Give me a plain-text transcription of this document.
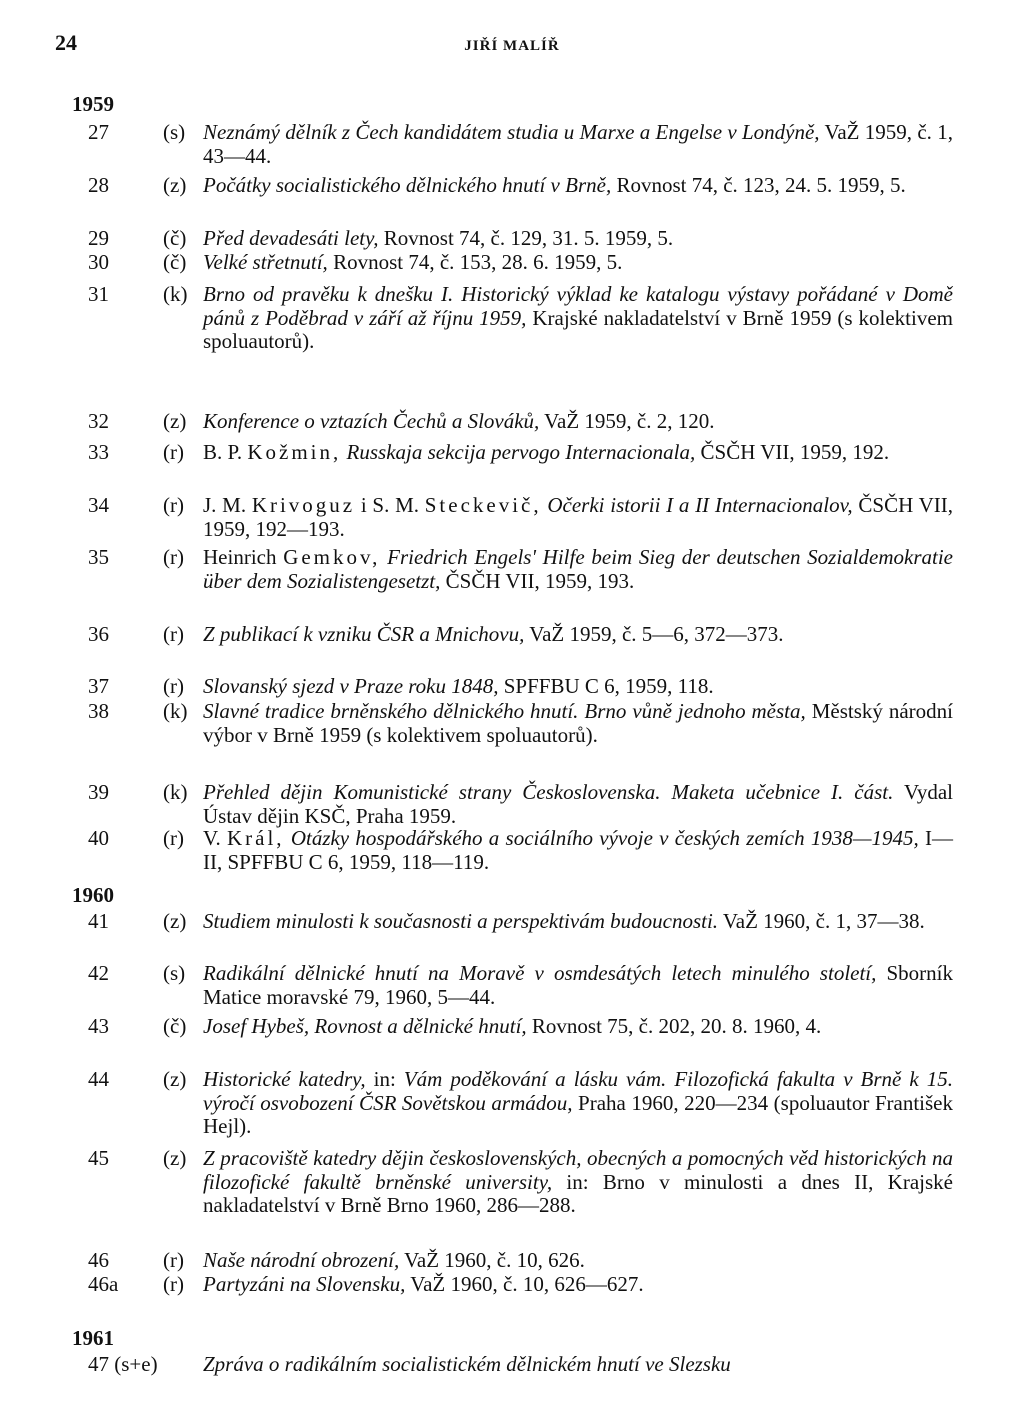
24	JIŘÍ MALÍŘ
1959
27	(s) Neznámý dělník z Čech kandidátem studia u Marxe a Engelse v Londýně, VaŽ 1959, č. 1, 43—44.
28	(z) Počátky socialistického dělnického hnutí v Brně, Rovnost 74, č. 123, 24. 5. 1959, 5.
29	(č) Před devadesáti lety, Rovnost 74, č. 129, 31. 5. 1959, 5.
30	(č) Velké střetnutí, Rovnost 74, č. 153, 28. 6. 1959, 5.
31	(k) Brno od pravěku k dnešku I. Historický výklad ke katalogu výstavy pořádané v Domě pánů z Poděbrad v září až říjnu 1959, Krajské nakladatelství v Brně 1959 (s kolektivem spoluautorů).
32	(z) Konference o vztazích Čechů a Slováků, VaŽ 1959, č. 2, 120.
33	(r) B. P. Kožmin, Russkaja sekcija pervogo Internacionala, ČSČH VII, 1959, 192.
34	(r) J. M. Krivoguz i S. M. Steckevič, Očerki istorii I a II Internacionalov, ČSČH VII, 1959, 192—193.
35	(r) Heinrich Gemkov, Friedrich Engels' Hilfe beim Sieg der deutschen Sozialdemokratie über dem Sozialistengesetzt, ČSČH VII, 1959, 193.
36	(r) Z publikací k vzniku ČSR a Mnichovu, VaŽ 1959, č. 5—6, 372—373.
37	(r) Slovanský sjezd v Praze roku 1848, SPFFBU C 6, 1959, 118.
38	(k) Slavné tradice brněnského dělnického hnutí. Brno vůně jednoho města, Městský národní výbor v Brně 1959 (s kolektivem spoluautorů).
39	(k) Přehled dějin Komunistické strany Československa. Maketa učebnice I. část. Vydal Ústav dějin KSČ, Praha 1959.
40	(r) V. Král, Otázky hospodářského a sociálního vývoje v českých zemích 1938—1945, I—II, SPFFBU C 6, 1959, 118—119.
1960
41	(z) Studiem minulosti k současnosti a perspektivám budoucnosti. VaŽ 1960, č. 1, 37—38.
42	(s) Radikální dělnické hnutí na Moravě v osmdesátých letech minulého století, Sborník Matice moravské 79, 1960, 5—44.
43	(č) Josef Hybeš, Rovnost a dělnické hnutí, Rovnost 75, č. 202, 20. 8. 1960, 4.
44	(z) Historické katedry, in: Vám poděkování a lásku vám. Filozofická fakulta v Brně k 15. výročí osvobození ČSR Sovětskou armádou, Praha 1960, 220—234 (spoluautor František Hejl).
45	(z) Z pracoviště katedry dějin československých, obecných a pomocných věd historických na filozofické fakultě brněnské university, in: Brno v minulosti a dnes II, Krajské nakladatelství v Brně Brno 1960, 286—288.
46	(r) Naše národní obrození, VaŽ 1960, č. 10, 626.
46a (r) Partyzáni na Slovensku, VaŽ 1960, č. 10, 626—627.
1961
47 (s+e) Zpráva o radikálním socialistickém dělnickém hnutí ve Slezsku
